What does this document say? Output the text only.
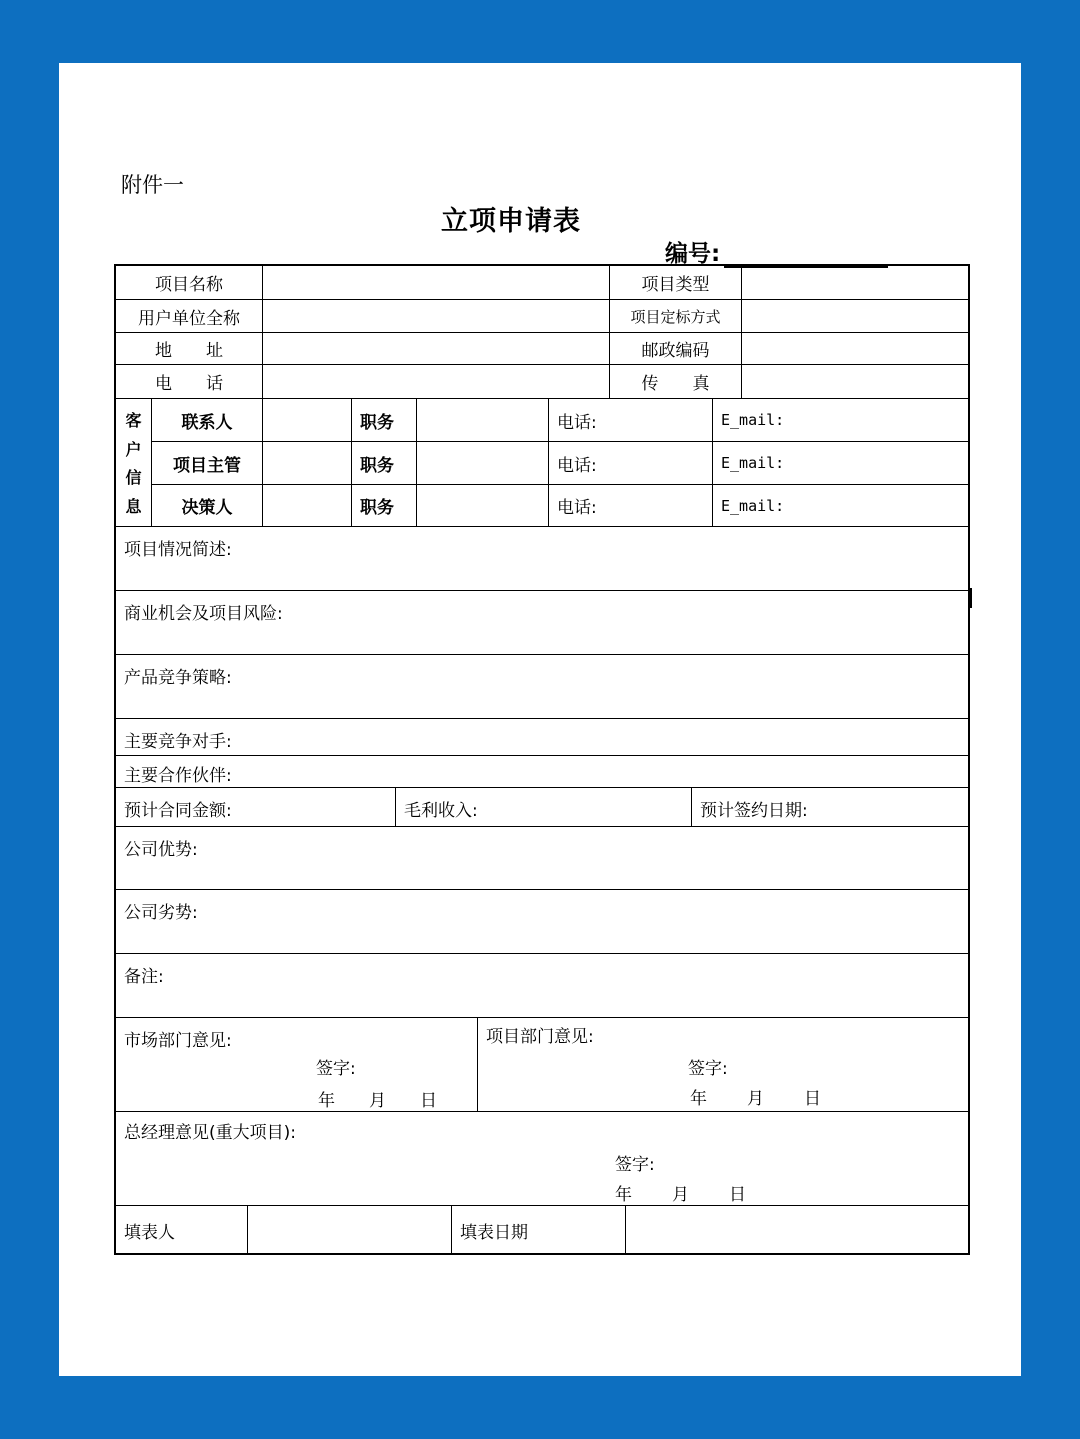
附件一
立项申请表
编号:
项目名称	项目类型
用户单位全称	项目定标方式
地　　址	邮政编码
电　　话	传　　真
客
户
信
息
联系人	职务	电话:	E_mail:
项目主管	职务	电话:	E_mail:
决策人	职务	电话:	E_mail:
项目情况简述:
商业机会及项目风险:
产品竞争策略:
主要竞争对手:
主要合作伙伴:
预计合同金额:	毛利收入:	预计签约日期:
公司优势:
公司劣势:
备注:
市场部门意见:
签字:
年 月 日
项目部门意见:
签字:
年 月 日
总经理意见(重大项目):
签字:
年 月 日
填表人	填表日期
